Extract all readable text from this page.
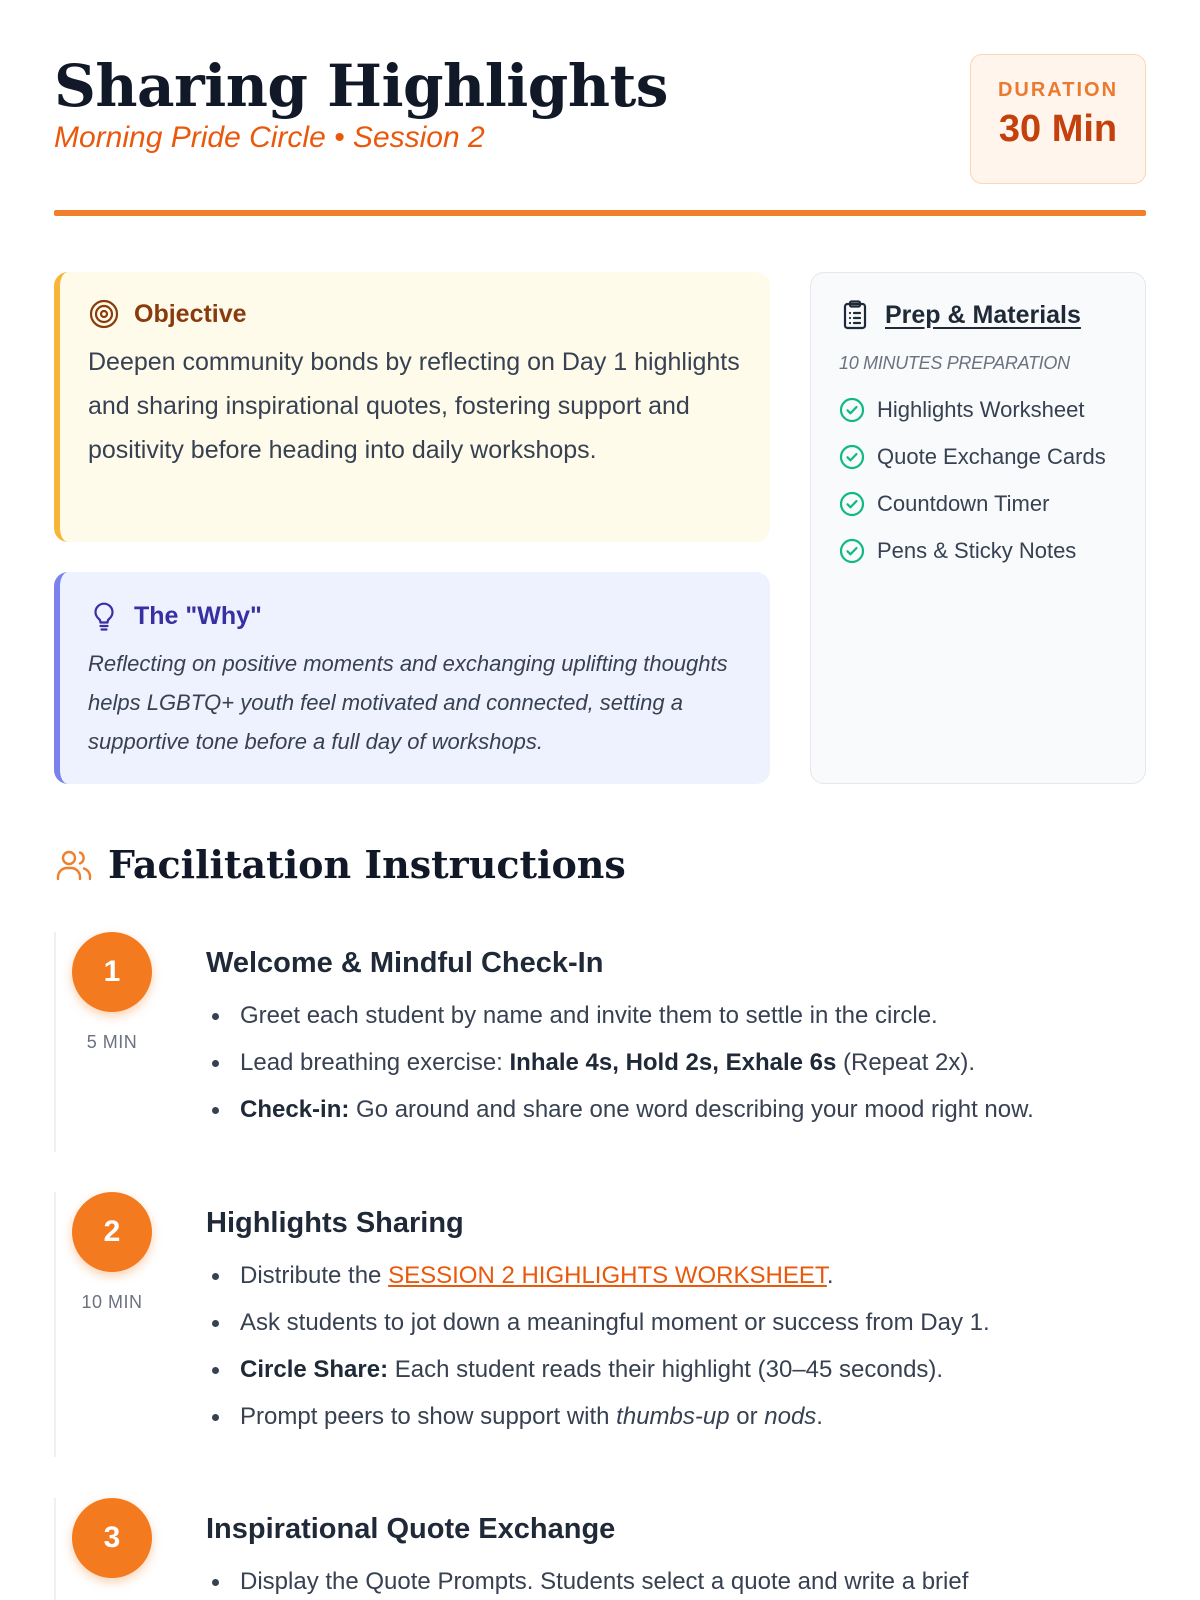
Sharing Highlights
Morning Pride Circle • Session 2
DURATION
30 Min
Objective
Deepen community bonds by reflecting on Day 1 highlights and sharing inspirational quotes, fostering support and positivity before heading into daily workshops.
The "Why"
Reflecting on positive moments and exchanging uplifting thoughts helps LGBTQ+ youth feel motivated and connected, setting a supportive tone before a full day of workshops.
Prep & Materials
10 MINUTES PREPARATION
Highlights Worksheet
Quote Exchange Cards
Countdown Timer
Pens & Sticky Notes
Facilitation Instructions
1
5 MIN
Welcome & Mindful Check-In
Greet each student by name and invite them to settle in the circle.
Lead breathing exercise: Inhale 4s, Hold 2s, Exhale 6s (Repeat 2x).
Check-in: Go around and share one word describing your mood right now.
2
10 MIN
Highlights Sharing
Distribute the SESSION 2 HIGHLIGHTS WORKSHEET.
Ask students to jot down a meaningful moment or success from Day 1.
Circle Share: Each student reads their highlight (30–45 seconds).
Prompt peers to show support with thumbs-up or nods.
3	Inspirational Quote Exchange
Display the Quote Prompts. Students select a quote and write a brief
